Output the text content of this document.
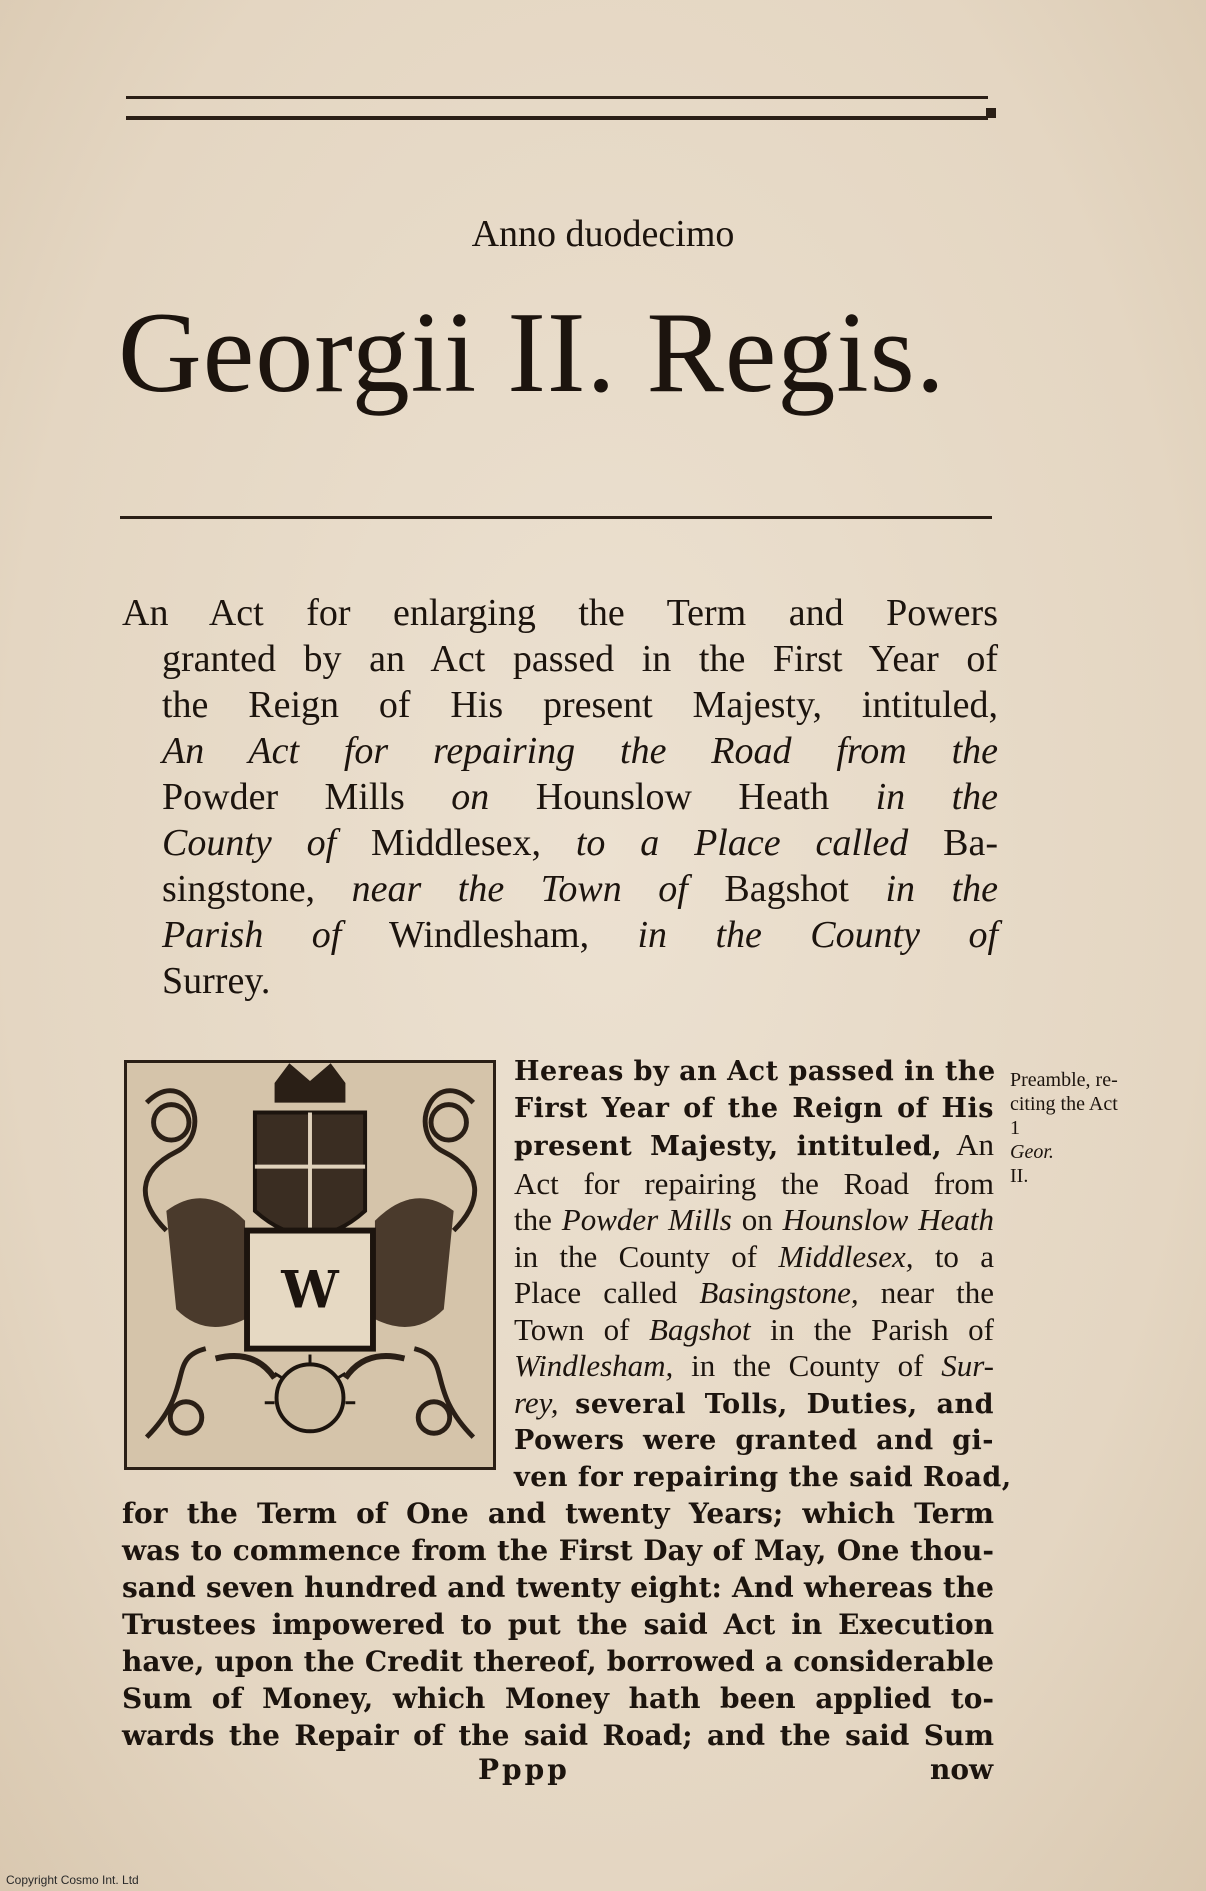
Anno duodecimo
Georgii II. Regis.
An Act for enlarging the Term and Powers
granted by an Act passed in the First Year of
the Reign of His present Majesty, intituled,
An Act for repairing the Road from the
Powder Mills on Hounslow Heath in the
County of Middlesex, to a Place called Ba-
singstone, near the Town of Bagshot in the
Parish of Windlesham, in the County of
Surrey.
W
Hereas by an Act passed in the
First Year of the Reign of His
present Majesty, intituled, An
Act for repairing the Road from
the Powder Mills on Hounslow Heath
in the County of Middlesex, to a
Place called Basingstone, near the
Town of Bagshot in the Parish of
Windlesham, in the County of Sur-
rey, several Tolls, Duties, and
Powers were granted and gi-
ven for repairing the said Road,
for the Term of One and twenty Years; which Term
was to commence from the First Day of May, One thou-
sand seven hundred and twenty eight: And whereas the
Trustees impowered to put the said Act in Execution
have, upon the Credit thereof, borrowed a considerable
Sum of Money, which Money hath been applied to-
wards the Repair of the said Road; and the said Sum
Pppp	now
Preamble, re-
citing the Act
1
Geor.
II.
Copyright Cosmo Int. Ltd
